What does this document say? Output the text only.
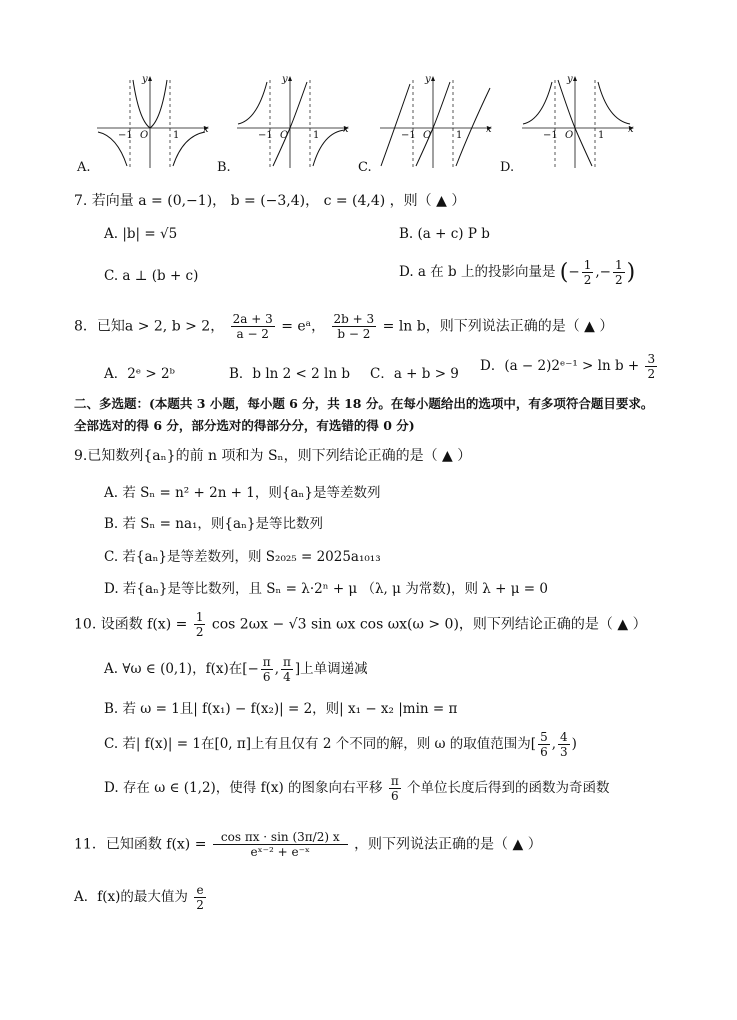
y
O
−1	1
x
y
O
−1	1
x
y
O
−1	1
x
y
O
−1	1
x
A.	B.	C.	D.
7. 若向量 a = (0,−1)， b = (−3,4)， c = (4,4) ，则（ ▲ ）
A. |b| = √5	B. (a + c) P b
C. a ⊥ (b + c)	D. a 在 b 上的投影向量是 (− $\frac{1}{2}$ ,− $\frac{1}{2}$ )
8．已知a > 2, b > 2， $\frac{2a + 3}{a - 2}$ = eᵃ， $\frac{2b + 3}{b - 2} = \ln b$，则下列说法正确的是（ ▲ ）
A．2ᵉ > 2ᵇ	B．b ln 2 < 2 ln b C．a + b > 9 D．(a − 2)2ᵉ⁻¹ > $\ln b + \frac{3}{2}$
二、多选题：(本题共 3 小题，每小题 6 分，共 18 分。在每小题给出的选项中，有多项符合题目要求。
全部选对的得 6 分，部分选对的得部分分，有选错的得 0 分)
9.已知数列{aₙ}的前 n 项和为 Sₙ，则下列结论正确的是（ ▲ ）
A. 若 Sₙ = n² + 2n + 1，则{aₙ}是等差数列
B. 若 Sₙ = na₁，则{aₙ}是等比数列
C. 若{aₙ}是等差数列，则 S₂₀₂₅ = 2025a₁₀₁₃
D. 若{aₙ}是等比数列，且 Sₙ = λ·2ⁿ + μ （λ, μ 为常数)，则 λ + μ = 0
10. 设函数 $f(x) = \frac{1}{2}$ cos 2ωx − √3 sin ωx cos ωx(ω > 0)，则下列结论正确的是（ ▲ ）
A. ∀ω ∈ (0,1)，f(x)在[− $\frac{\pi}{6}$ , $\frac{\pi}{4}$ ]上单调递减
B. 若 ω = 1且| f(x₁) − f(x₂)| = 2，则| x₁ − x₂ |min = π
C. 若| f(x)| = 1在[0, π]上有且仅有 2 个不同的解，则 ω 的取值范围为[ $\frac{5}{6}$ , $\frac{4}{3}$ )
D. 存在 ω ∈ (1,2)，使得 f(x) 的图象向右平移 $\frac{\pi}{6}$ 个单位长度后得到的函数为奇函数
11．已知函数 $f(x) = \frac{\text{cos πx · sin (3π/2) x}}{\text{eˣ⁻² + e⁻ˣ}}$ ，则下列说法正确的是（ ▲ ）
A．f(x)的最大值为 $\frac{e}{2}$
